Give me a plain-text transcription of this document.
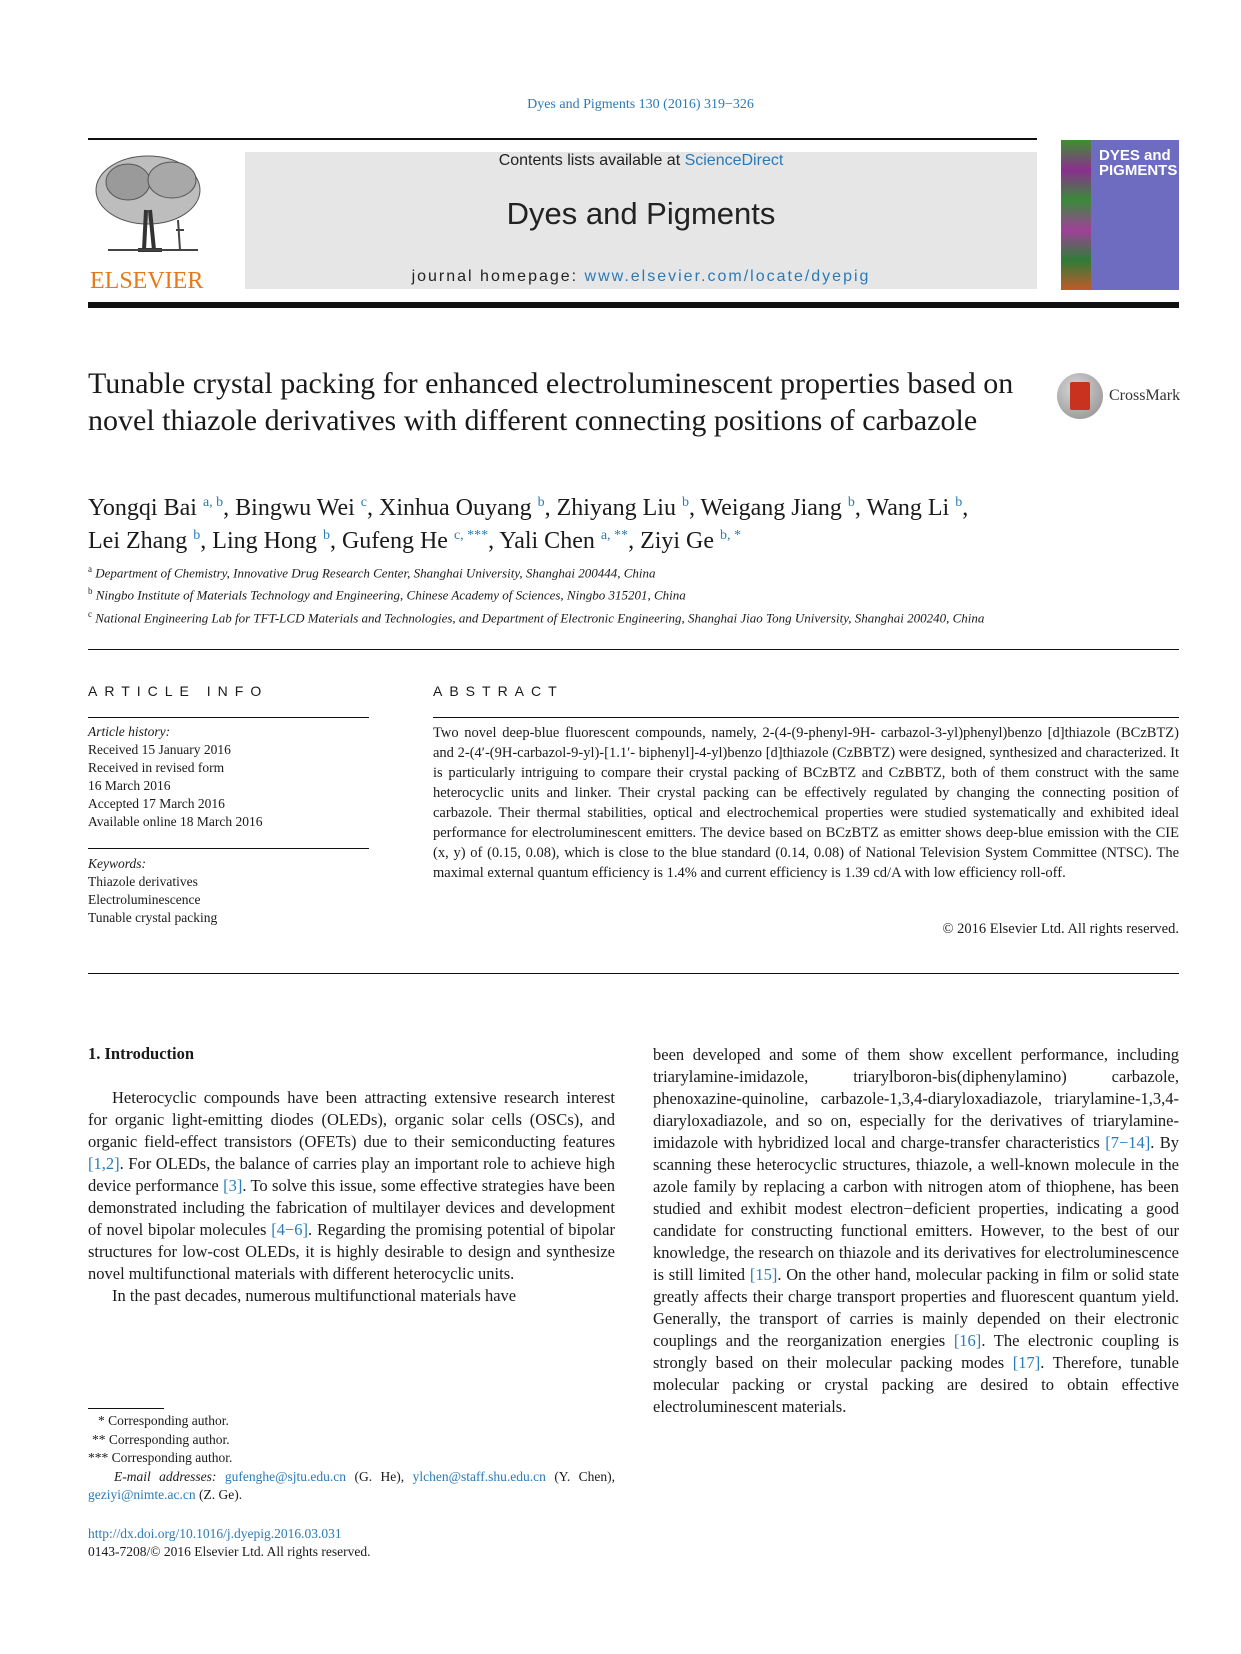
Dyes and Pigments 130 (2016) 319−326
ELSEVIER
Contents lists available at ScienceDirect
Dyes and Pigments
journal homepage: www.elsevier.com/locate/dyepig
DYES and PIGMENTS
Tunable crystal packing for enhanced electroluminescent properties based on novel thiazole derivatives with different connecting positions of carbazole
CrossMark
Yongqi Bai $^{a, b}$, Bingwu Wei $^c$, Xinhua Ouyang $^b$, Zhiyang Liu $^b$, Weigang Jiang $^b$, Wang Li $^b$,
Lei Zhang $^b$, Ling Hong $^b$, Gufeng He $^{c, ***}$, Yali Chen $^{a, **}$, Ziyi Ge $^{b, *}$
$^a$ Department of Chemistry, Innovative Drug Research Center, Shanghai University, Shanghai 200444, China
$^b$ Ningbo Institute of Materials Technology and Engineering, Chinese Academy of Sciences, Ningbo 315201, China
$^c$ National Engineering Lab for TFT-LCD Materials and Technologies, and Department of Electronic Engineering, Shanghai Jiao Tong University, Shanghai 200240, China
ARTICLE INFO
Article history:
Received 15 January 2016
Received in revised form
16 March 2016
Accepted 17 March 2016
Available online 18 March 2016
Keywords:
Thiazole derivatives
Electroluminescence
Tunable crystal packing
ABSTRACT
Two novel deep-blue fluorescent compounds, namely, 2-(4-(9-phenyl-9H- carbazol-3-yl)phenyl)benzo [d]thiazole (BCzBTZ) and 2-(4′-(9H-carbazol-9-yl)-[1.1′- biphenyl]-4-yl)benzo [d]thiazole (CzBBTZ) were designed, synthesized and characterized. It is particularly intriguing to compare their crystal packing of BCzBTZ and CzBBTZ, both of them construct with the same heterocyclic units and linker. Their crystal packing can be effectively regulated by changing the connecting position of carbazole. Their thermal stabilities, optical and electrochemical properties were studied systematically and exhibited ideal performance for electroluminescent emitters. The device based on BCzBTZ as emitter shows deep-blue emission with the CIE (x, y) of (0.15, 0.08), which is close to the blue standard (0.14, 0.08) of National Television System Committee (NTSC). The maximal external quantum efficiency is 1.4% and current efficiency is 1.39 cd/A with low efficiency roll-off.
© 2016 Elsevier Ltd. All rights reserved.
1. Introduction

Heterocyclic compounds have been attracting extensive research interest for organic light-emitting diodes (OLEDs), organic solar cells (OSCs), and organic field-effect transistors (OFETs) due to their semiconducting features [1,2]. For OLEDs, the balance of carries play an important role to achieve high device performance [3]. To solve this issue, some effective strategies have been demonstrated including the fabrication of multilayer devices and development of novel bipolar molecules [4−6]. Regarding the promising potential of bipolar structures for low-cost OLEDs, it is highly desirable to design and synthesize novel multifunctional materials with different heterocyclic units.

In the past decades, numerous multifunctional materials have

been developed and some of them show excellent performance, including triarylamine-imidazole, triarylboron-bis(diphenylamino) carbazole, phenoxazine-quinoline, carbazole-1,3,4-diaryloxadiazole, triarylamine-1,3,4-diaryloxadiazole, and so on, especially for the derivatives of triarylamine-imidazole with hybridized local and charge-transfer characteristics [7−14]. By scanning these heterocyclic structures, thiazole, a well-known molecule in the azole family by replacing a carbon with nitrogen atom of thiophene, has been studied and exhibit modest electron−deficient properties, indicating a good candidate for constructing functional emitters. However, to the best of our knowledge, the research on thiazole and its derivatives for electroluminescence is still limited [15]. On the other hand, molecular packing in film or solid state greatly affects their charge transport properties and fluorescent quantum yield. Generally, the transport of carries is mainly depended on their electronic couplings and the reorganization energies [16]. The electronic coupling is strongly based on their molecular packing modes [17]. Therefore, tunable molecular packing or crystal packing are desired to obtain effective electroluminescent materials.

* Corresponding author.
** Corresponding author.
*** Corresponding author.
E-mail addresses: gufenghe@sjtu.edu.cn (G. He), ylchen@staff.shu.edu.cn (Y. Chen), geziyi@nimte.ac.cn (Z. Ge).
http://dx.doi.org/10.1016/j.dyepig.2016.03.031
0143-7208/© 2016 Elsevier Ltd. All rights reserved.
